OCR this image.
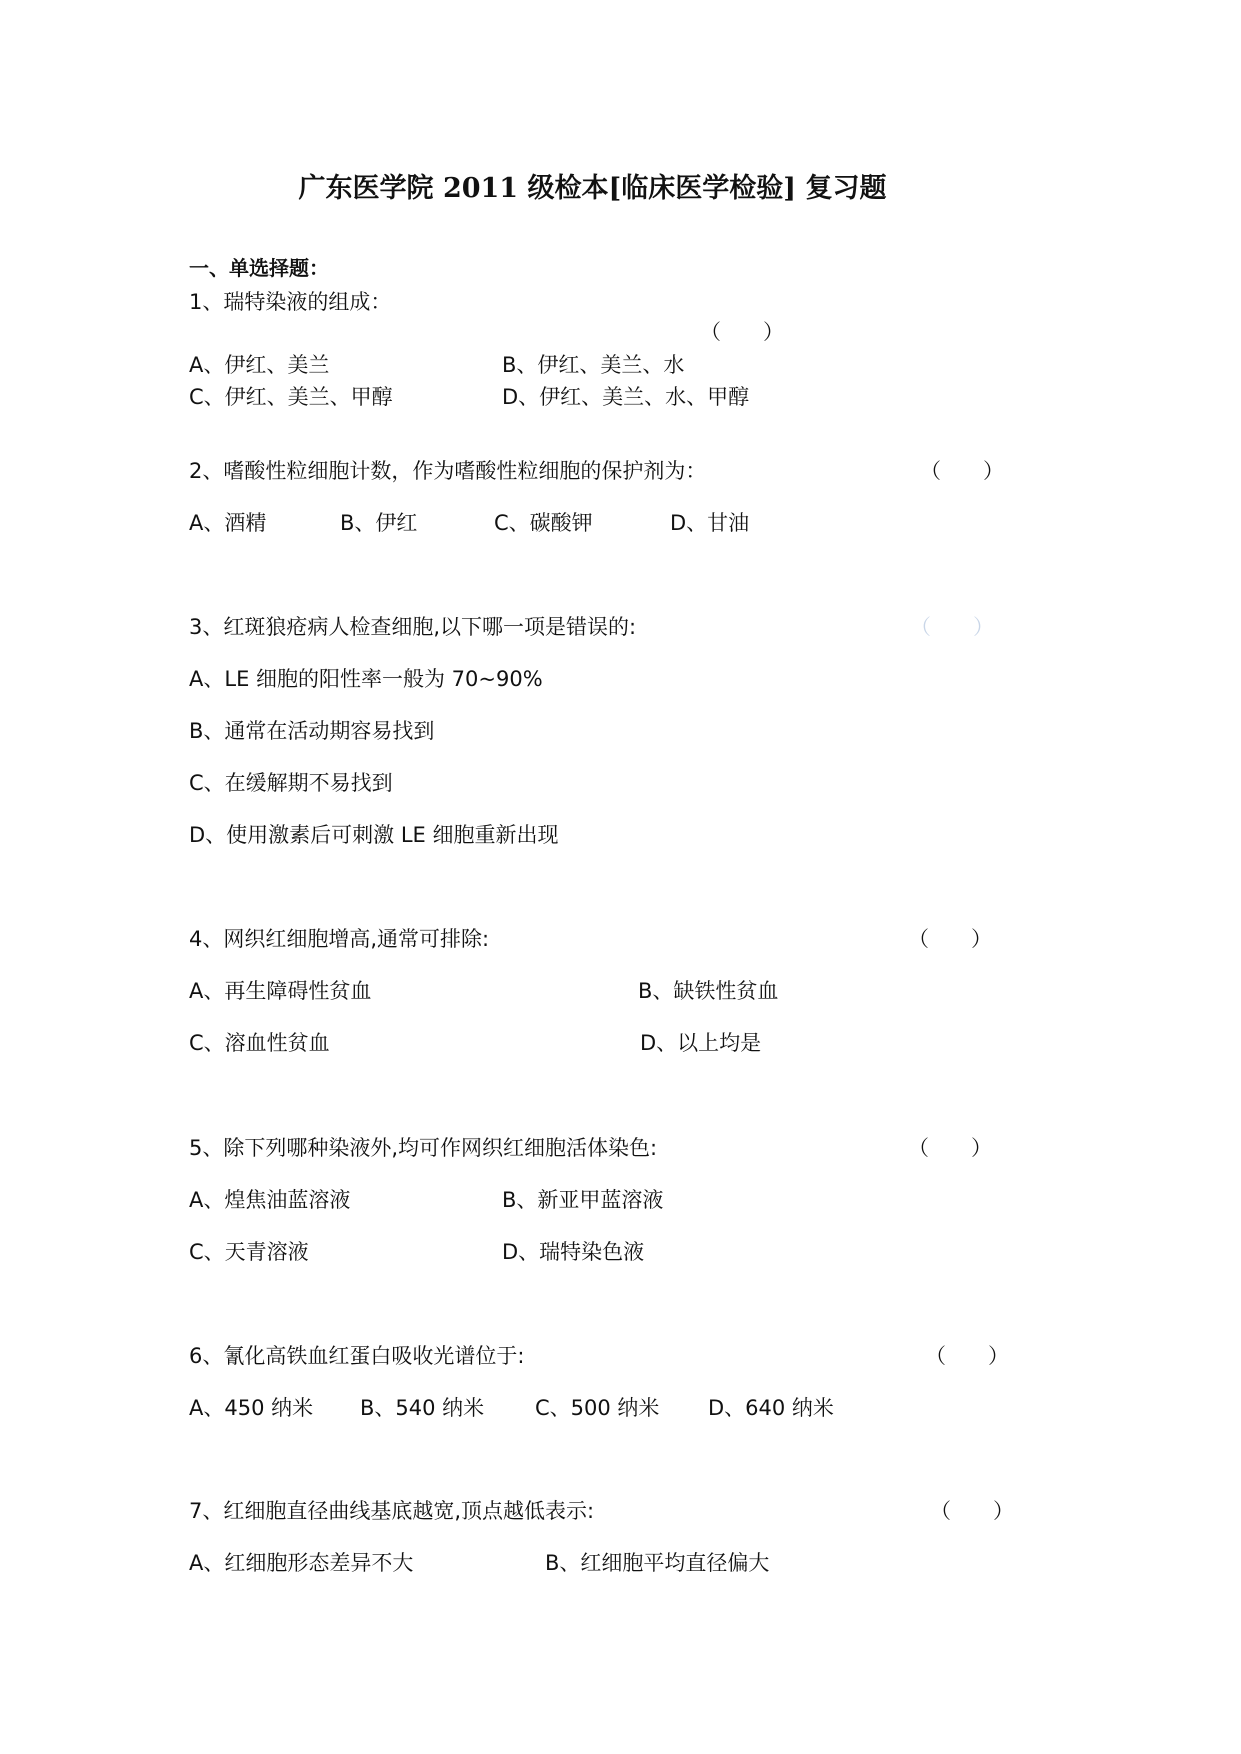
广东医学院 2011 级检本[临床医学检验] 复习题
一、单选择题：
1、瑞特染液的组成：
（　　）
A、伊红、美兰	B、伊红、美兰、水
C、伊红、美兰、甲醇	D、伊红、美兰、水、甲醇
2、嗜酸性粒细胞计数，作为嗜酸性粒细胞的保护剂为：	（　　）
A、酒精	B、伊红	C、碳酸钾	D、甘油
3、红斑狼疮病人检查细胞,以下哪一项是错误的:	（　　）
A、LE 细胞的阳性率一般为 70~90%
B、通常在活动期容易找到
C、在缓解期不易找到
D、使用激素后可刺激 LE 细胞重新出现
4、网织红细胞增高,通常可排除:	（　　）
A、再生障碍性贫血	B、缺铁性贫血
C、溶血性贫血	D、以上均是
5、除下列哪种染液外,均可作网织红细胞活体染色:	（　　）
A、煌焦油蓝溶液	B、新亚甲蓝溶液
C、天青溶液	D、瑞特染色液
6、氰化高铁血红蛋白吸收光谱位于:	（　　）
A、450 纳米 B、540 纳米 C、500 纳米 D、640 纳米
7、红细胞直径曲线基底越宽,顶点越低表示:	（　　）
A、红细胞形态差异不大	B、红细胞平均直径偏大
